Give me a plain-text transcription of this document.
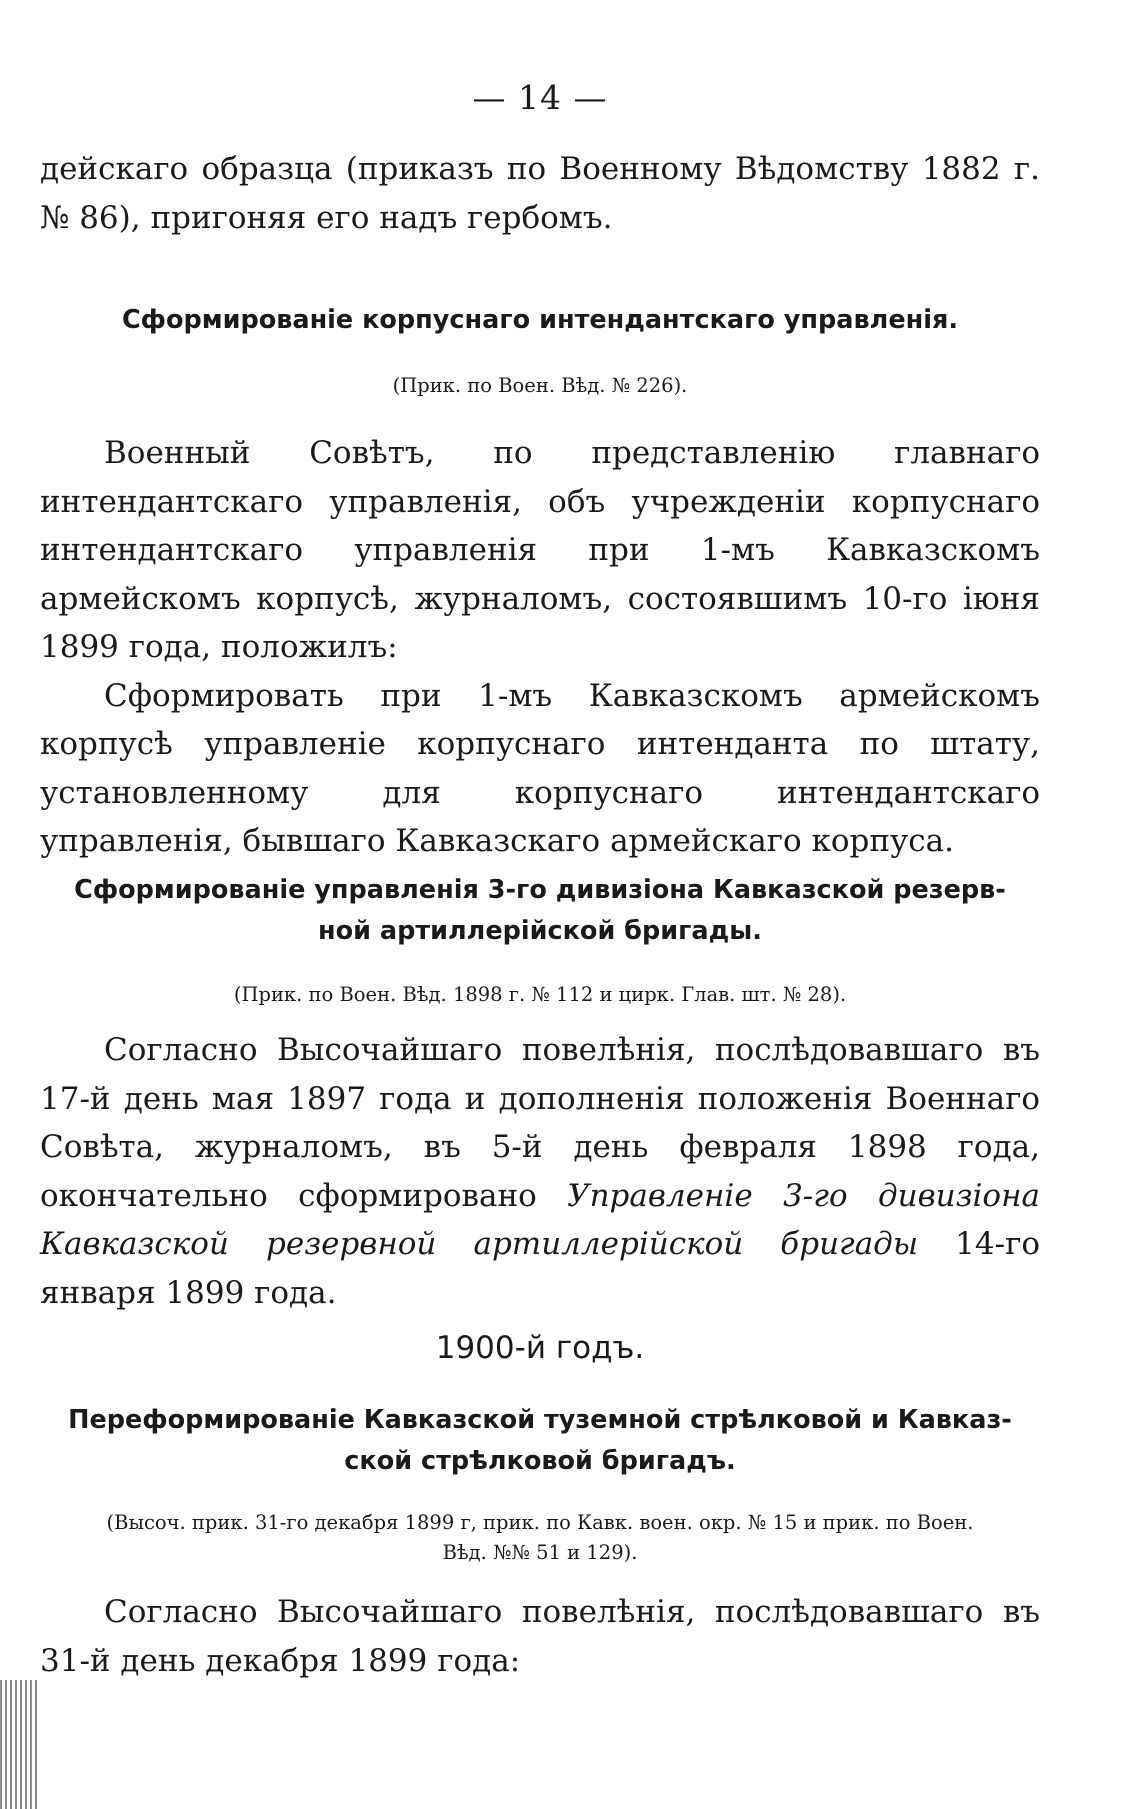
— 14 —

дейскаго образца (приказъ по Военному Вѣдомству 1882 г. № 86), пригоняя его надъ гербомъ.

Сформированіе корпуснаго интендантскаго управленія.

(Прик. по Воен. Вѣд. № 226).

Военный Совѣтъ, по представленію главнаго интендантскаго управленія, объ учрежденіи корпуснаго интендантскаго управленія при 1-мъ Кавказскомъ армейскомъ корпусѣ, журналомъ, состоявшимъ 10-го іюня 1899 года, положилъ:

Сформировать при 1-мъ Кавказскомъ армейскомъ корпусѣ управленіе корпуснаго интенданта по штату, установленному для корпуснаго интендантскаго управленія, бывшаго Кавказскаго армейскаго корпуса.

Сформированіе управленія 3-го дивизіона Кавказской резерв-

ной артиллерійской бригады.

(Прик. по Воен. Вѣд. 1898 г. № 112 и цирк. Глав. шт. № 28).

Согласно Высочайшаго повелѣнія, послѣдовавшаго въ 17-й день мая 1897 года и дополненія положенія Военнаго Совѣта, журналомъ, въ 5-й день февраля 1898 года, окончательно сформировано Управленіе 3-го дивизіона Кавказской резервной артиллерійской бригады 14-го января 1899 года.

1900-й годъ.

Переформированіе Кавказской туземной стрѣлковой и Кавказ-

ской стрѣлковой бригадъ.

(Высоч. прик. 31-го декабря 1899 г, прик. по Кавк. воен. окр. № 15 и прик. по Воен.

Вѣд. №№ 51 и 129).

Согласно Высочайшаго повелѣнія, послѣдовавшаго въ 31-й день декабря 1899 года:
